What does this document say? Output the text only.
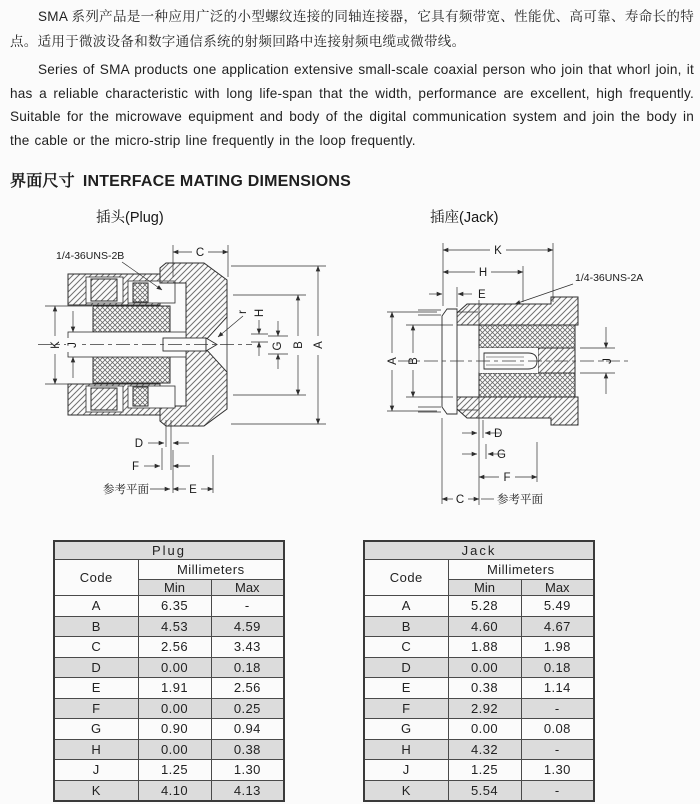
SMA 系列产品是一种应用广泛的小型螺纹连接的同轴连接器，它具有频带宽、性能优、高可靠、寿命长的特点。适用于微波设备和数字通信系统的射频回路中连接射频电缆或微带线。

Series of SMA products one application extensive small-scale coaxial person who join that whorl join, it has a reliable characteristic with long life-span that the width, performance are excellent, high frequently. Suitable for the microwave equipment and body of the digital communication system and join the body in the cable or the micro-strip line frequently in the loop frequently.

界面尺寸 INTERFACE MATING DIMENSIONS
插头(Plug)	插座(Jack)
1/4-36UNS-2B	C
r H
G B A
K J
D
F
E
参考平面
1/4-36UNS-2A
K
H
E
A B	J
D
G
F
C	参考平面
Plug		
Code	Millimeters	
	Min	Max
A	6.35	-
B	4.53	4.59
C	2.56	3.43
D	0.00	0.18
E	1.91	2.56
F	0.00	0.25
G	0.90	0.94
H	0.00	0.38
J	1.25	1.30
K	4.10	4.13
Jack		
Code	Millimeters	
	Min	Max
A	5.28	5.49
B	4.60	4.67
C	1.88	1.98
D	0.00	0.18
E	0.38	1.14
F	2.92	-
G	0.00	0.08
H	4.32	-
J	1.25	1.30
K	5.54	-
